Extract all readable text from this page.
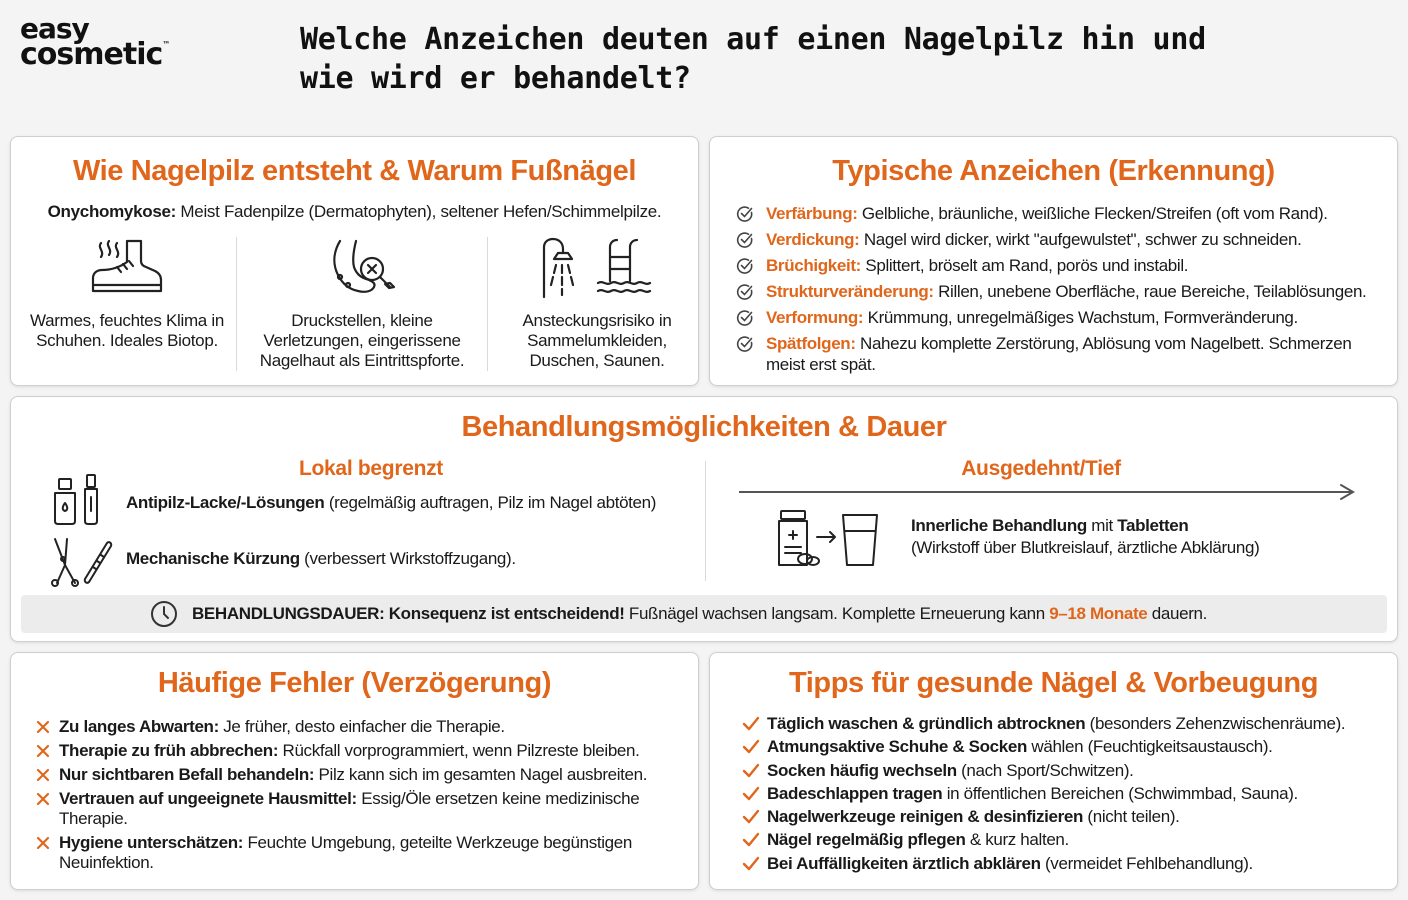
easy
cosmetic™	Welche Anzeichen deuten auf einen Nagelpilz hin und wie wird er behandelt?
Wie Nagelpilz entsteht & Warum Fußnägel

Onychomykose: Meist Fadenpilze (Dermatophyten), seltener Hefen/Schimmelpilze.

Warmes, feuchtes Klima in Schuhen. Ideales Biotop.
Druckstellen, kleine Verletzungen, eingerissene Nagelhaut als Eintrittspforte.
Ansteckungsrisiko in Sammelumkleiden, Duschen, Saunen.
Typische Anzeichen (Erkennung)
Verfärbung: Gelbliche, bräunliche, weißliche Flecken/Streifen (oft vom Rand).
Verdickung: Nagel wird dicker, wirkt "aufgewulstet", schwer zu schneiden.
Brüchigkeit: Splittert, bröselt am Rand, porös und instabil.
Strukturveränderung: Rillen, unebene Oberfläche, raue Bereiche, Teilablösungen.
Verformung: Krümmung, unregelmäßiges Wachstum, Formveränderung.
Spätfolgen: Nahezu komplette Zerstörung, Ablösung vom Nagelbett. Schmerzen meist erst spät.
Behandlungsmöglichkeiten & Dauer
Lokal begrenzt	Ausgedehnt/Tief
Antipilz-Lacke/-Lösungen (regelmäßig auftragen, Pilz im Nagel abtöten)
Mechanische Kürzung (verbessert Wirkstoffzugang).
Innerliche Behandlung mit Tabletten
(Wirkstoff über Blutkreislauf, ärztliche Abklärung)
BEHANDLUNGSDAUER: Konsequenz ist entscheidend! Fußnägel wachsen langsam. Komplette Erneuerung kann 9–18 Monate dauern.
Häufige Fehler (Verzögerung)
Zu langes Abwarten: Je früher, desto einfacher die Therapie.
Therapie zu früh abbrechen: Rückfall vorprogrammiert, wenn Pilzreste bleiben.
Nur sichtbaren Befall behandeln: Pilz kann sich im gesamten Nagel ausbreiten.
Vertrauen auf ungeeignete Hausmittel: Essig/Öle ersetzen keine medizinische Therapie.
Hygiene unterschätzen: Feuchte Umgebung, geteilte Werkzeuge begünstigen Neuinfektion.
Tipps für gesunde Nägel & Vorbeugung
Täglich waschen & gründlich abtrocknen (besonders Zehenzwischenräume).
Atmungsaktive Schuhe & Socken wählen (Feuchtigkeitsaustausch).
Socken häufig wechseln (nach Sport/Schwitzen).
Badeschlappen tragen in öffentlichen Bereichen (Schwimmbad, Sauna).
Nagelwerkzeuge reinigen & desinfizieren (nicht teilen).
Nägel regelmäßig pflegen & kurz halten.
Bei Auffälligkeiten ärztlich abklären (vermeidet Fehlbehandlung).
